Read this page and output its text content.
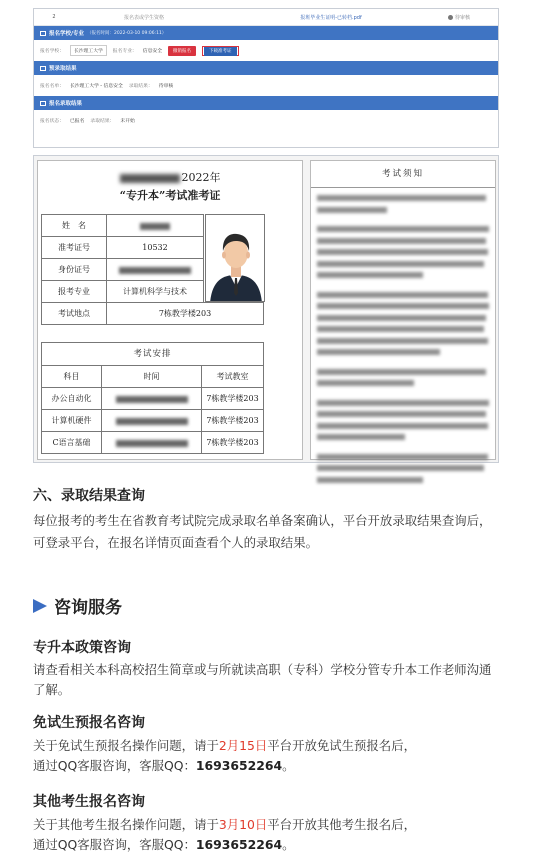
2	报名表或学生资格	报班毕业生证明-已转档.pdf	待审核
报名学校/专业 （报名时间：2022-03-10 09:06:11）
报名学校：	长沙理工大学	报名专业： 信息安全	撤销报名	下载准考证
预录取结果
报名名单： 长沙理工大学 - 信息安全 录取结果： 待审核
报名录取结果
报名状态： 已报名 录取结果： 未开始
2022年
“专升本”考试准考证
姓　名		
准考证号	10532	
身份证号		
报考专业	计算机科学与技术	
考试地点	7栋教学楼203	
考试安排
科目	时间	考试教室
办公自动化		7栋教学楼203
计算机硬件		7栋教学楼203
C语言基础		7栋教学楼203
考试须知
六、录取结果查询
每位报考的考生在省教育考试院完成录取名单备案确认，平台开放录取结果查询后，可登录平台，在报名详情页面查看个人的录取结果。
咨询服务
专升本政策咨询
请查看相关本科高校招生简章或与所就读高职（专科）学校分管专升本工作老师沟通了解。
免试生预报名咨询
关于免试生预报名操作问题，请于2月15日平台开放免试生预报名后，
通过QQ客服咨询，客服QQ：1693652264。
其他考生报名咨询
关于其他考生报名操作问题，请于3月10日平台开放其他考生报名后，
通过QQ客服咨询，客服QQ：1693652264。
